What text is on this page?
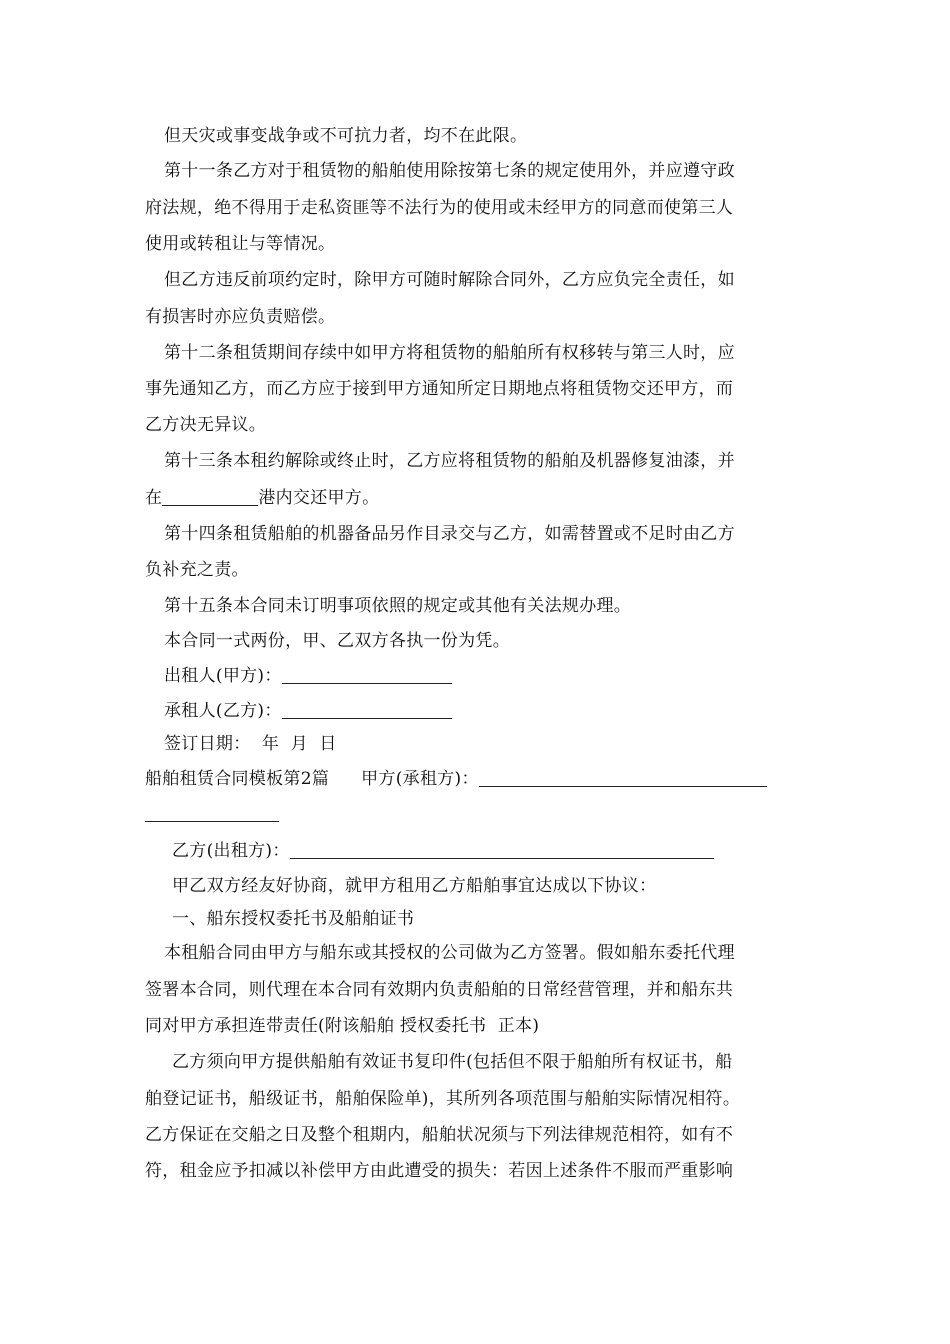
但天灾或事变战争或不可抗力者，均不在此限。
第十一条乙方对于租赁物的船舶使用除按第七条的规定使用外，并应遵守政
府法规，绝不得用于走私资匪等不法行为的使用或未经甲方的同意而使第三人
使用或转租让与等情况。
但乙方违反前项约定时，除甲方可随时解除合同外，乙方应负完全责任，如
有损害时亦应负责赔偿。
第十二条租赁期间存续中如甲方将租赁物的船舶所有权移转与第三人时，应
事先通知乙方，而乙方应于接到甲方通知所定日期地点将租赁物交还甲方，而
乙方决无异议。
第十三条本租约解除或终止时，乙方应将租赁物的船舶及机器修复油漆，并
在	港内交还甲方。
第十四条租赁船舶的机器备品另作目录交与乙方，如需替置或不足时由乙方
负补充之责。
第十五条本合同未订明事项依照的规定或其他有关法规办理。
本合同一式两份，甲、乙双方各执一份为凭。
出租人(甲方)：
承租人(乙方)：
签订日期：  年  月  日
船舶租赁合同模板第2篇 甲方(承租方)：
乙方(出租方)：
甲乙双方经友好协商，就甲方租用乙方船舶事宜达成以下协议：
一、船东授权委托书及船舶证书
本租船合同由甲方与船东或其授权的公司做为乙方签署。假如船东委托代理
签署本合同，则代理在本合同有效期内负责船舶的日常经营管理，并和船东共
同对甲方承担连带责任(附该船舶 授权委托书  正本)
乙方须向甲方提供船舶有效证书复印件(包括但不限于船舶所有权证书，船
舶登记证书，船级证书，船舶保险单)，其所列各项范围与船舶实际情况相符。
乙方保证在交船之日及整个租期内，船舶状况须与下列法律规范相符，如有不
符，租金应予扣减以补偿甲方由此遭受的损失：若因上述条件不服而严重影响
